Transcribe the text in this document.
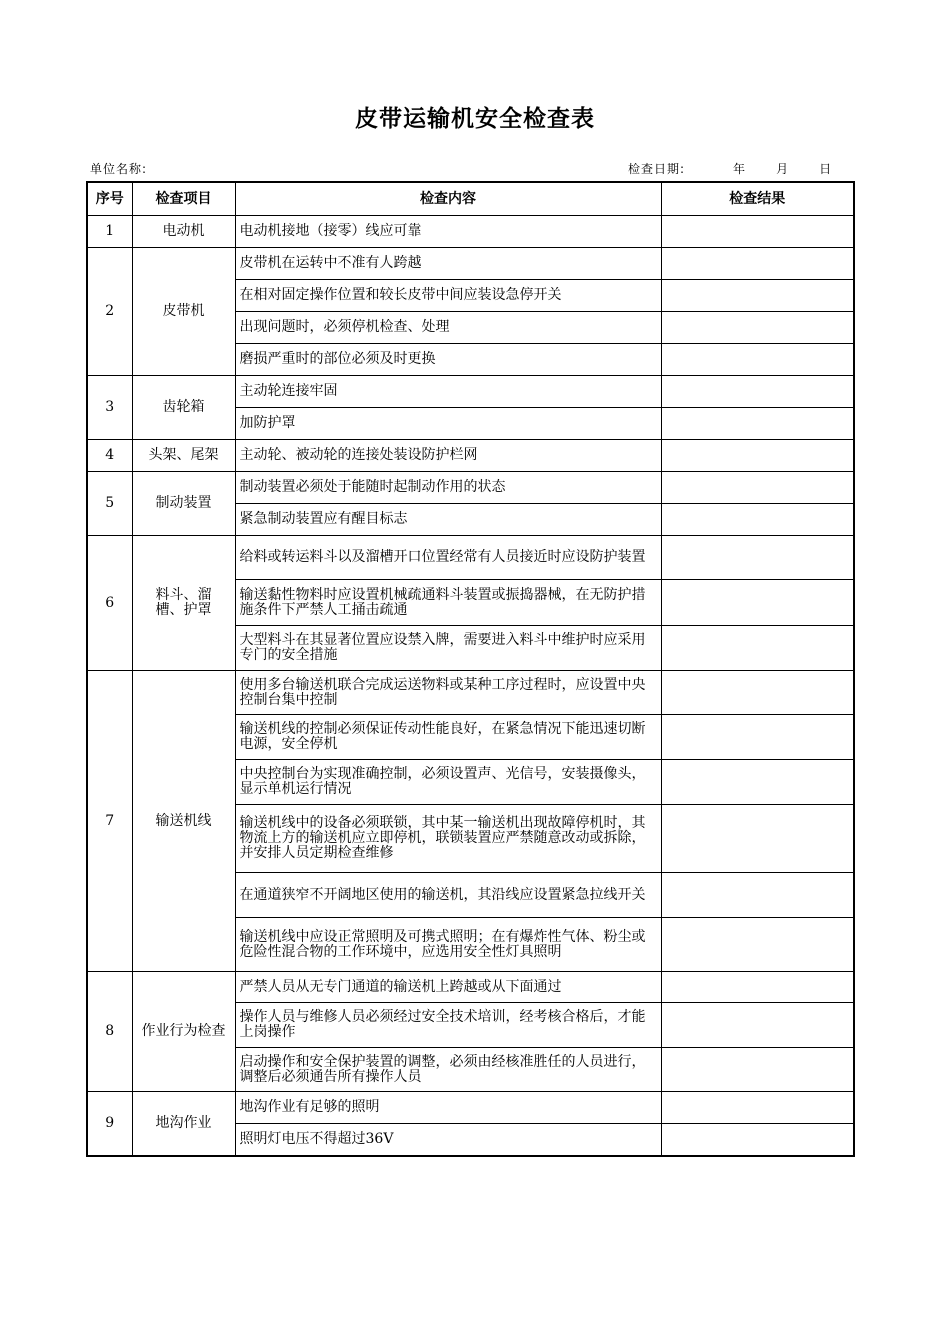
皮带运输机安全检查表
单位名称:	检查日期:	年	月	日
序号	检查项目	检查内容	检查结果
1	电动机	电动机接地（接零）线应可靠	
2	皮带机	皮带机在运转中不准有人跨越	
		在相对固定操作位置和较长皮带中间应装设急停开关	
		出现问题时，必须停机检查、处理	
		磨损严重时的部位必须及时更换	
3	齿轮箱	主动轮连接牢固	
		加防护罩	
4	头架、尾架	主动轮、被动轮的连接处装设防护栏网	
5	制动装置	制动装置必须处于能随时起制动作用的状态	
		紧急制动装置应有醒目标志	
6	料斗、溜槽、护罩	给料或转运料斗以及溜槽开口位置经常有人员接近时应设防护装置	
		输送黏性物料时应设置机械疏通料斗装置或振捣器械，在无防护措施条件下严禁人工捅击疏通	
		大型料斗在其显著位置应设禁入牌，需要进入料斗中维护时应采用专门的安全措施	
7	输送机线	使用多台输送机联合完成运送物料或某种工序过程时，应设置中央控制台集中控制	
		输送机线的控制必须保证传动性能良好，在紧急情况下能迅速切断电源，安全停机	
		中央控制台为实现准确控制，必须设置声、光信号，安装摄像头，显示单机运行情况	
		输送机线中的设备必须联锁，其中某一输送机出现故障停机时，其物流上方的输送机应立即停机，联锁装置应严禁随意改动或拆除，并安排人员定期检查维修	
		在通道狭窄不开阔地区使用的输送机，其沿线应设置紧急拉线开关	
		输送机线中应设正常照明及可携式照明；在有爆炸性气体、粉尘或危险性混合物的工作环境中，应选用安全性灯具照明	
8	作业行为检查	严禁人员从无专门通道的输送机上跨越或从下面通过	
		操作人员与维修人员必须经过安全技术培训，经考核合格后，才能上岗操作	
		启动操作和安全保护装置的调整，必须由经核准胜任的人员进行，调整后必须通告所有操作人员	
9	地沟作业	地沟作业有足够的照明	
		照明灯电压不得超过36V	
